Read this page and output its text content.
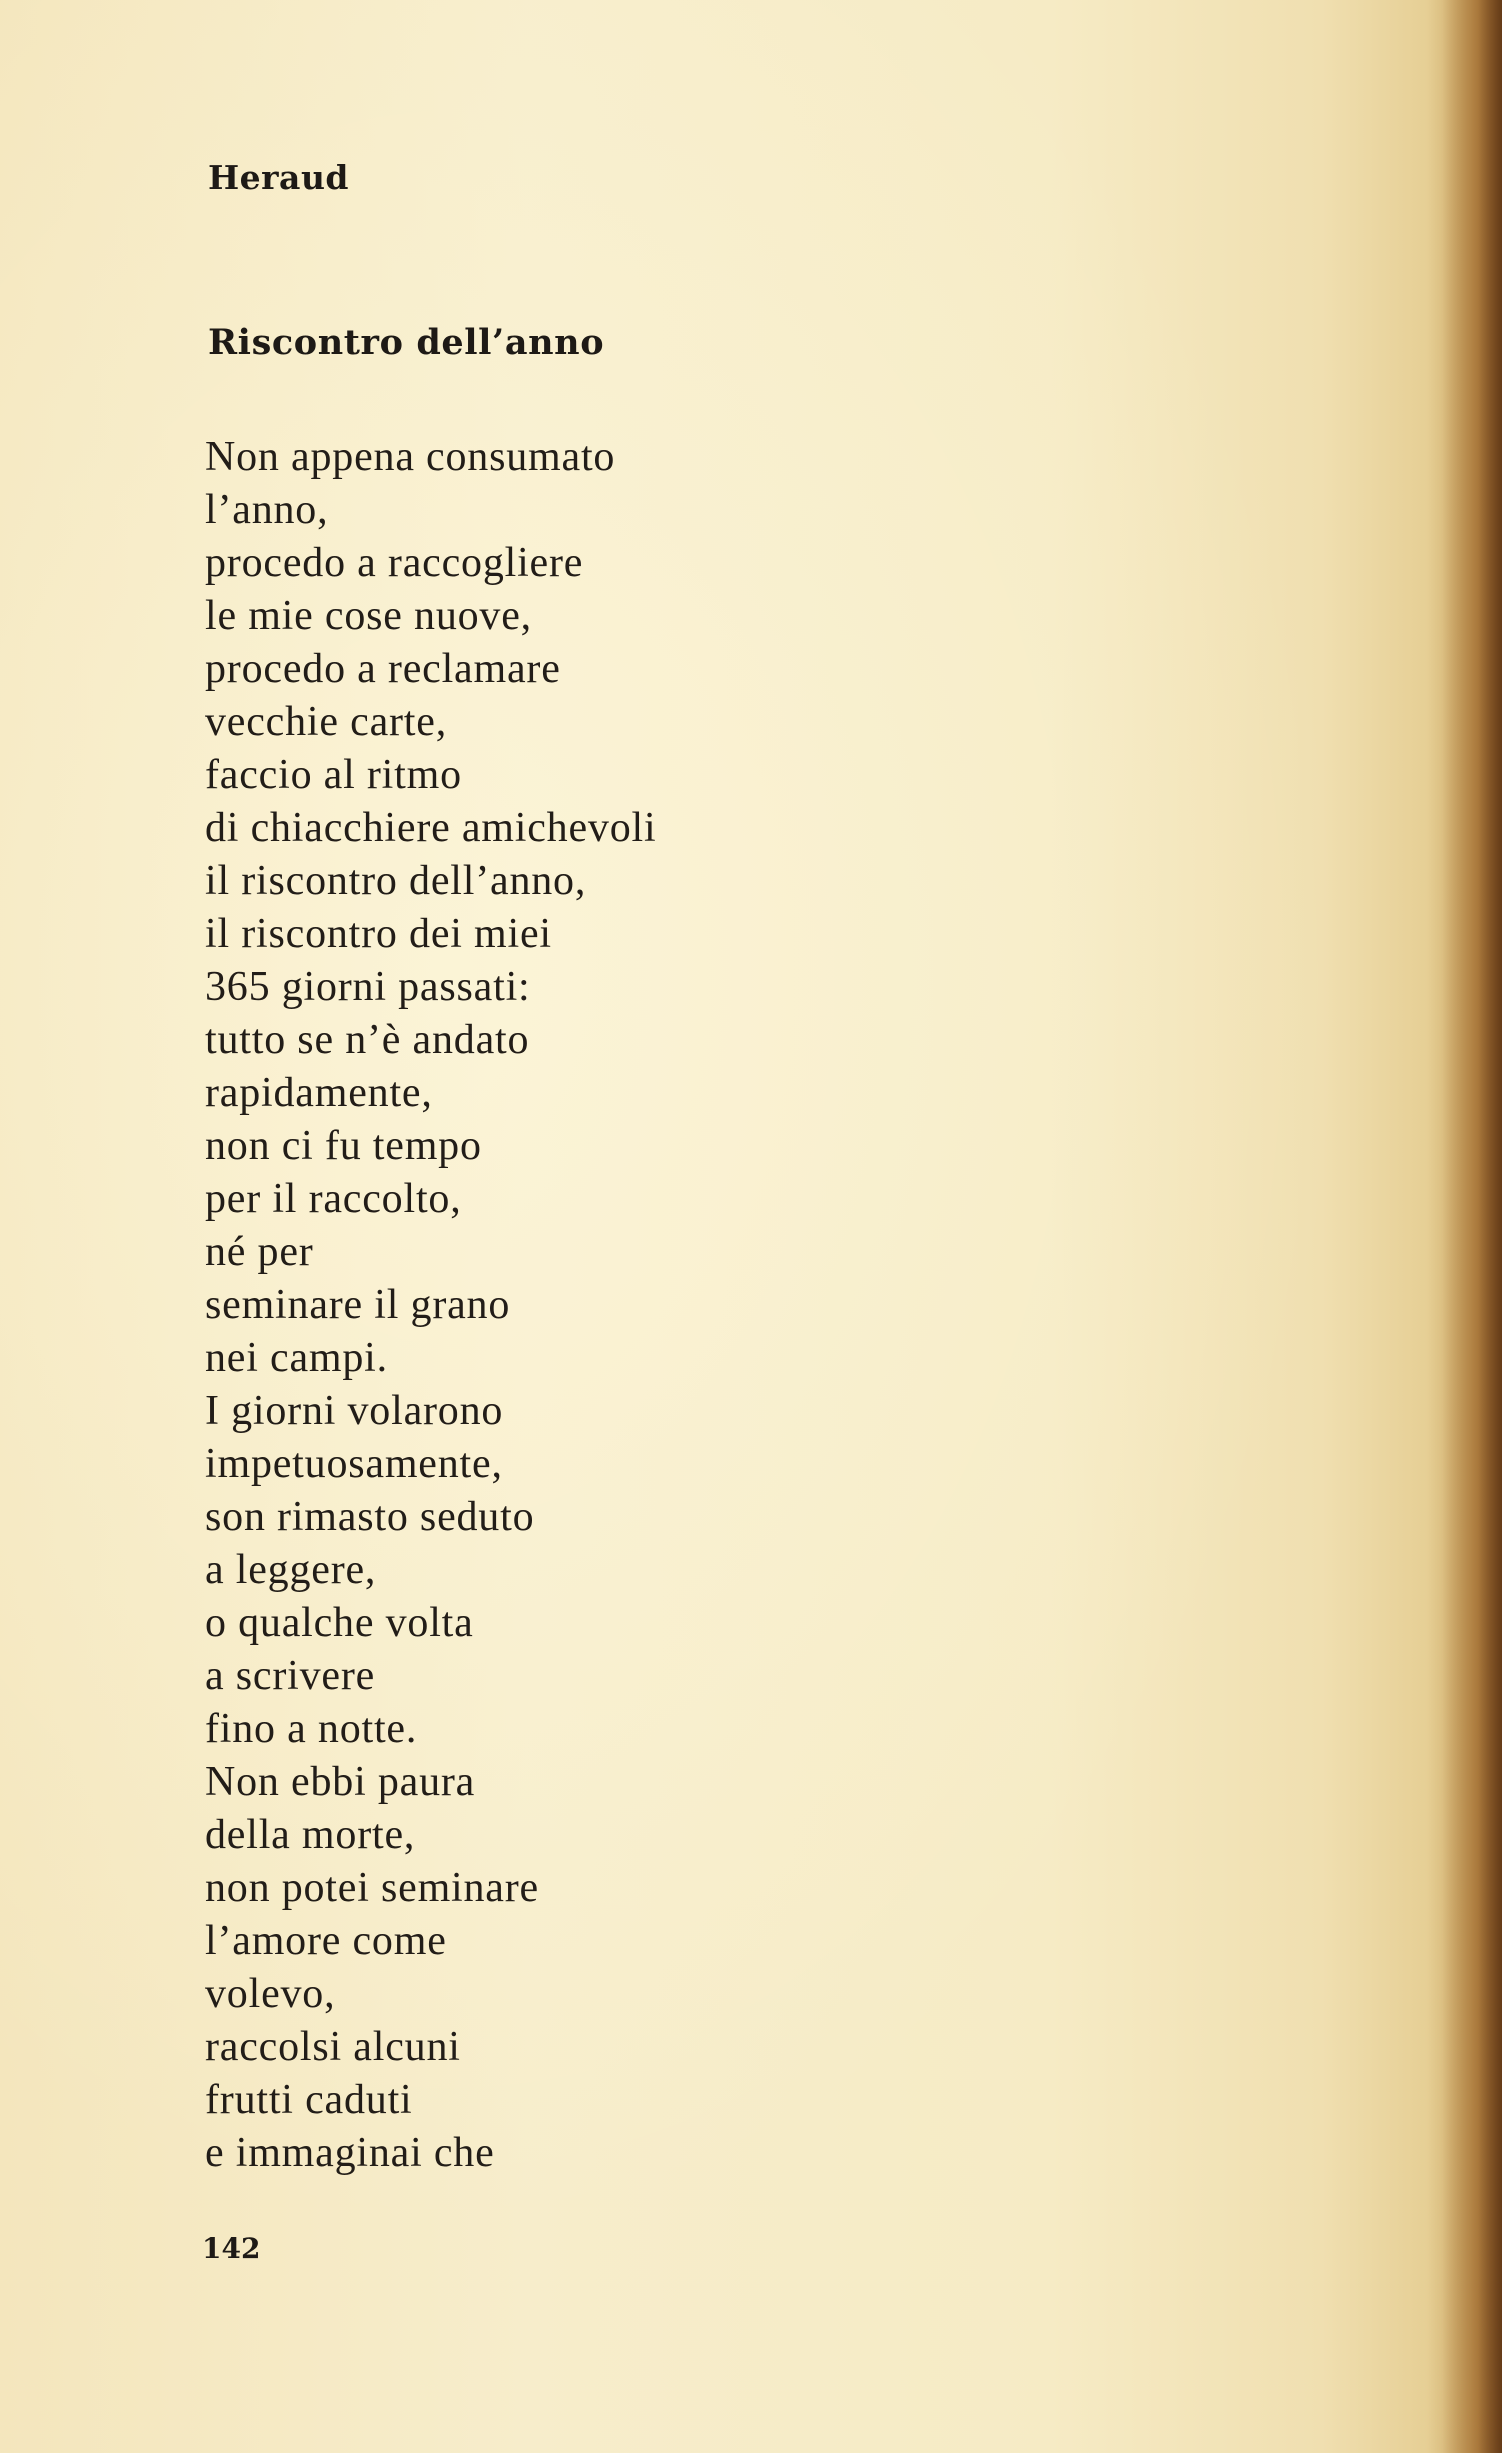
Heraud

Riscontro dell’anno

Non appena consumato
l’anno,
procedo a raccogliere
le mie cose nuove,
procedo a reclamare
vecchie carte,
faccio al ritmo
di chiacchiere amichevoli
il riscontro dell’anno,
il riscontro dei miei
365 giorni passati:
tutto se n’è andato
rapidamente,
non ci fu tempo
per il raccolto,
né per
seminare il grano
nei campi.
I giorni volarono
impetuosamente,
son rimasto seduto
a leggere,
o qualche volta
a scrivere
fino a notte.
Non ebbi paura
della morte,
non potei seminare
l’amore come
volevo,
raccolsi alcuni
frutti caduti
e immaginai che

142
